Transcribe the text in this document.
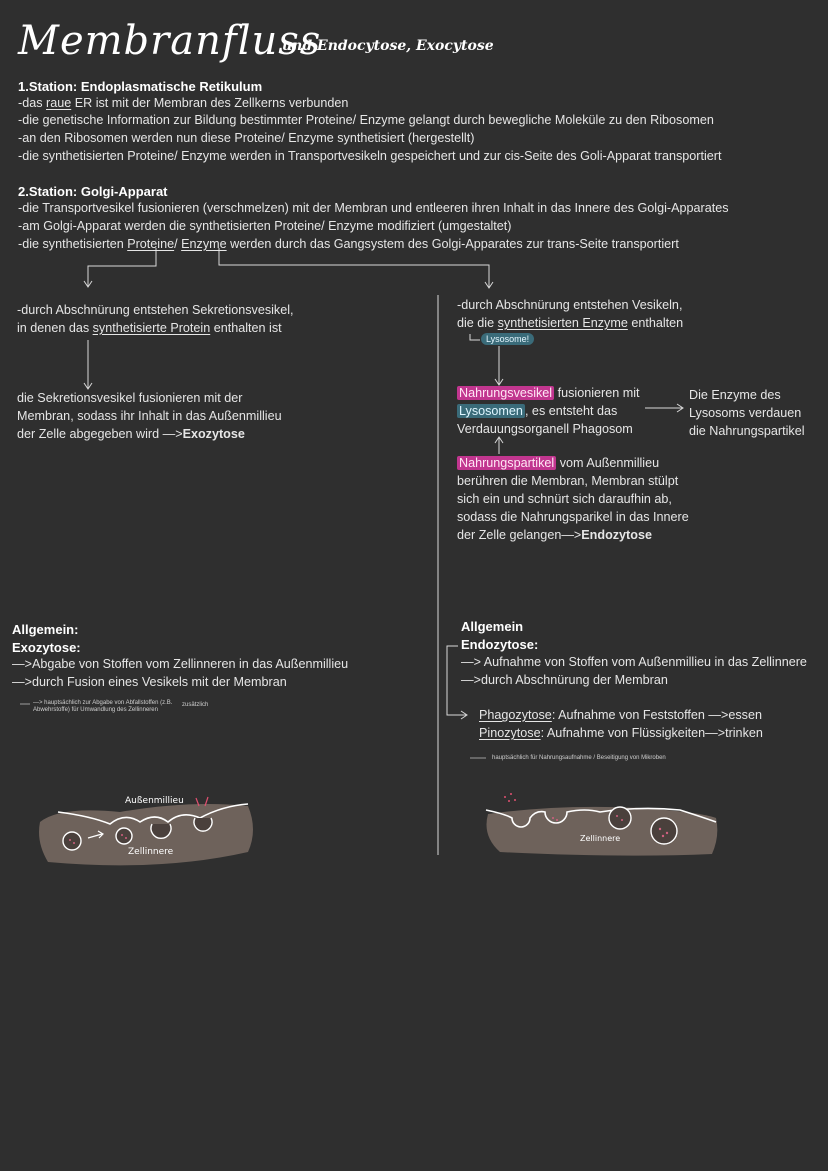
Membranfluss
und Endocytose, Exocytose
1.Station: Endoplasmatische Retikulum
-das raue ER ist mit der Membran des Zellkerns verbunden
-die genetische Information zur Bildung bestimmter Proteine/ Enzyme gelangt durch bewegliche Moleküle zu den Ribosomen
-an den Ribosomen werden nun diese Proteine/ Enzyme synthetisiert (hergestellt)
-die synthetisierten Proteine/ Enzyme werden in Transportvesikeln gespeichert und zur cis-Seite des Goli-Apparat transportiert
2.Station: Golgi-Apparat
-die Transportvesikel fusionieren (verschmelzen) mit der Membran und entleeren ihren Inhalt in das Innere des Golgi-Apparates
-am Golgi-Apparat werden die synthetisierten Proteine/ Enzyme modifiziert (umgestaltet)
-die synthetisierten Proteine/ Enzyme werden durch das Gangsystem des Golgi-Apparates zur trans-Seite transportiert
-durch Abschnürung entstehen Sekretionsvesikel,
in denen das synthetisierte Protein enthalten ist
die Sekretionsvesikel fusionieren mit der
Membran, sodass ihr Inhalt in das Außenmillieu
der Zelle abgegeben wird —>Exozytose
Allgemein:
Exozytose:
—>Abgabe von Stoffen vom Zellinneren in das Außenmillieu
—>durch Fusion eines Vesikels mit der Membran
—> hauptsächlich zur Abgabe von Abfallstoffen (z.B. Abwehrstoffe) für Umwandlung des Zellinneren
zusätzlich
Außenmillieu
Zellinnere
-durch Abschnürung entstehen Vesikeln,
die die synthetisierten Enzyme enthalten
Lysosome!
Nahrungsvesikel fusionieren mit
Lysosomen , es entsteht das
Verdauungsorganell Phagosom
Die Enzyme des
Lysosoms verdauen
die Nahrungspartikel
Nahrungspartikel vom Außenmillieu
berühren die Membran, Membran stülpt
sich ein und schnürt sich daraufhin ab,
sodass die Nahrungsparikel in das Innere
der Zelle gelangen—>Endozytose
Allgemein
Endozytose:
—> Aufnahme von Stoffen vom Außenmillieu in das Zellinnere
—>durch Abschnürung der Membran
Phagozytose: Aufnahme von Feststoffen —>essen
Pinozytose: Aufnahme von Flüssigkeiten—>trinken
hauptsächlich für Nahrungsaufnahme / Beseitigung von Mikroben
Zellinnere
